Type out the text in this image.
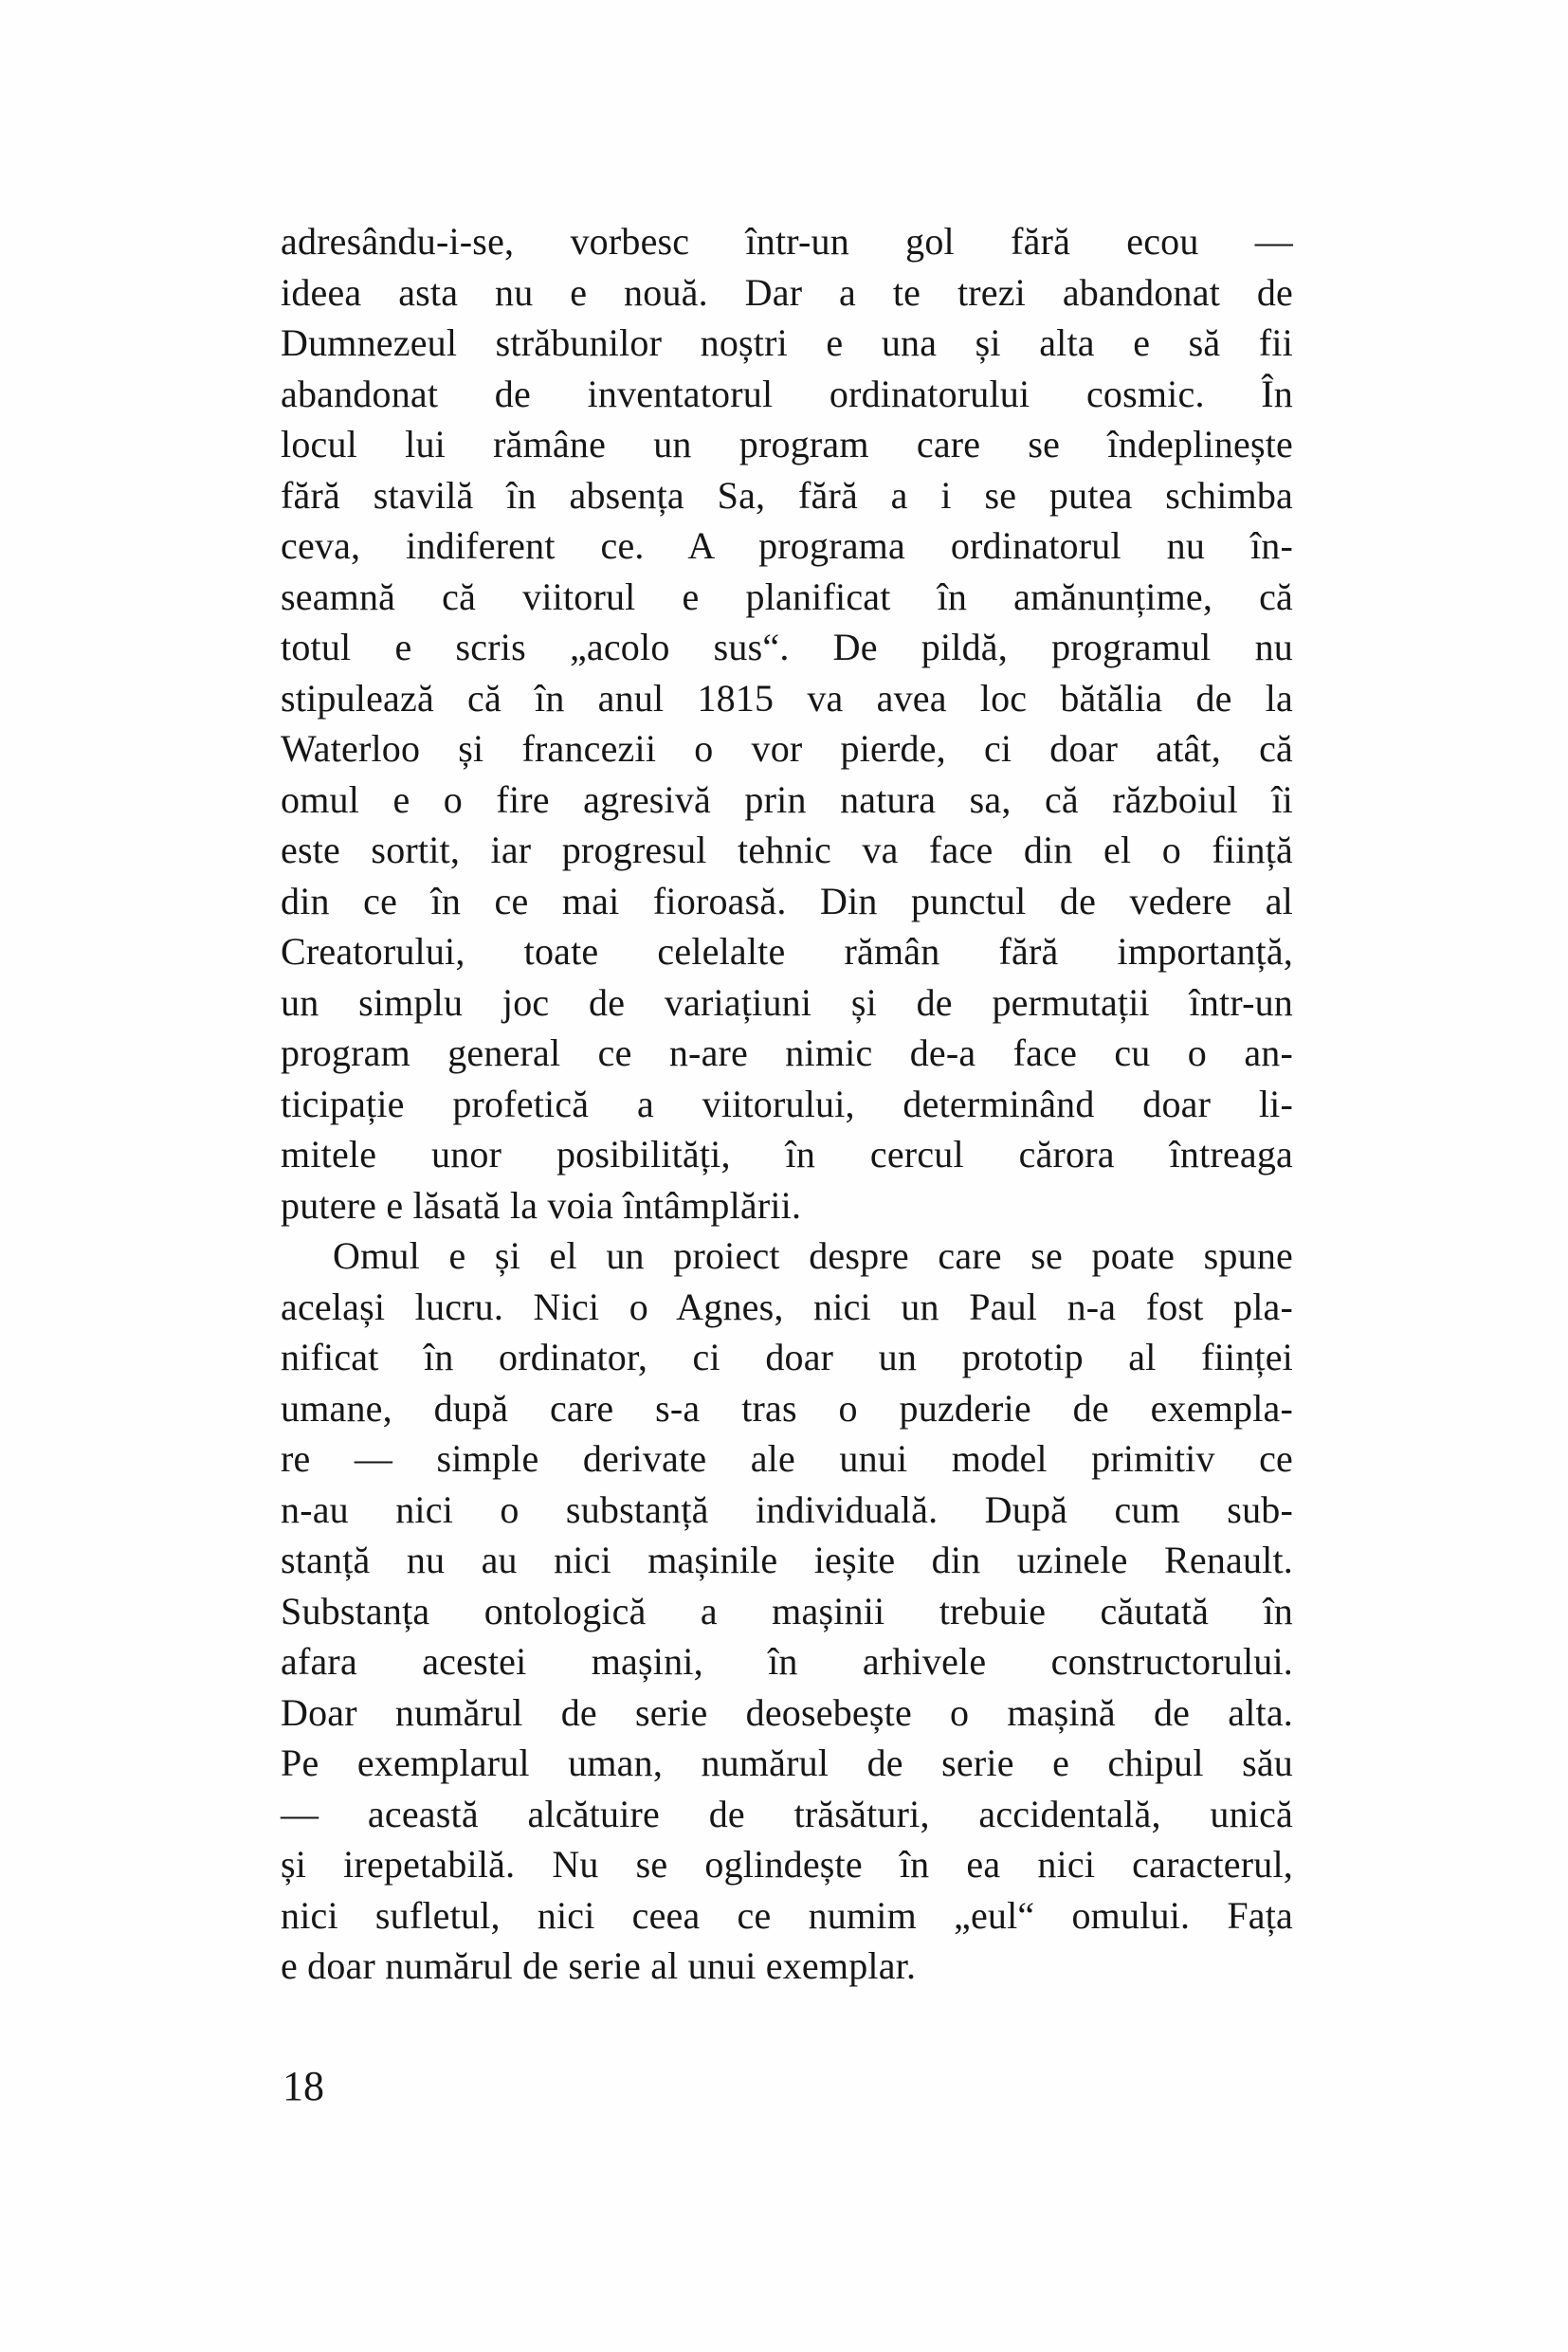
adresându-i-se, vorbesc într-un gol fără ecou —
ideea asta nu e nouă. Dar a te trezi abandonat de
Dumnezeul străbunilor noștri e una și alta e să fii
abandonat de inventatorul ordinatorului cosmic. În
locul lui rămâne un program care se îndeplinește
fără stavilă în absența Sa, fără a i se putea schimba
ceva, indiferent ce. A programa ordinatorul nu în-
seamnă că viitorul e planificat în amănunțime, că
totul e scris „acolo sus“. De pildă, programul nu
stipulează că în anul 1815 va avea loc bătălia de la
Waterloo și francezii o vor pierde, ci doar atât, că
omul e o fire agresivă prin natura sa, că războiul îi
este sortit, iar progresul tehnic va face din el o ființă
din ce în ce mai fioroasă. Din punctul de vedere al
Creatorului, toate celelalte rămân fără importanță,
un simplu joc de variațiuni și de permutații într-un
program general ce n-are nimic de-a face cu o an-
ticipație profetică a viitorului, determinând doar li-
mitele unor posibilități, în cercul cărora întreaga
putere e lăsată la voia întâmplării.
Omul e și el un proiect despre care se poate spune
același lucru. Nici o Agnes, nici un Paul n-a fost pla-
nificat în ordinator, ci doar un prototip al ființei
umane, după care s-a tras o puzderie de exempla-
re — simple derivate ale unui model primitiv ce
n-au nici o substanță individuală. După cum sub-
stanță nu au nici mașinile ieșite din uzinele Renault.
Substanța ontologică a mașinii trebuie căutată în
afara acestei mașini, în arhivele constructorului.
Doar numărul de serie deosebește o mașină de alta.
Pe exemplarul uman, numărul de serie e chipul său
— această alcătuire de trăsături, accidentală, unică
și irepetabilă. Nu se oglindește în ea nici caracterul,
nici sufletul, nici ceea ce numim „eul“ omului. Fața
e doar numărul de serie al unui exemplar.
18
